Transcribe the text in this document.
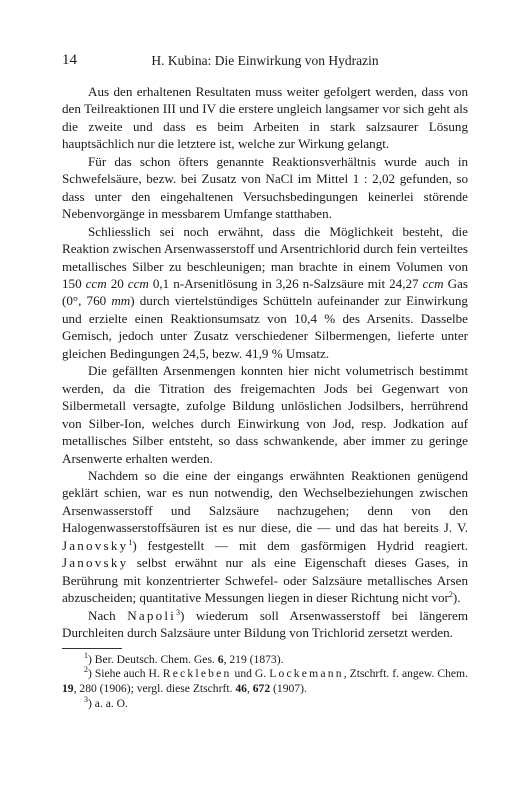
14	H. Kubina: Die Einwirkung von Hydrazin

Aus den erhaltenen Resultaten muss weiter gefolgert werden, dass von den Teilreaktionen III und IV die erstere ungleich langsamer vor sich geht als die zweite und dass es beim Arbeiten in stark salzsaurer Lösung hauptsächlich nur die letztere ist, welche zur Wirkung gelangt.

Für das schon öfters genannte Reaktionsverhältnis wurde auch in Schwefelsäure, bezw. bei Zusatz von NaCl im Mittel 1 : 2,02 gefunden, so dass unter den eingehaltenen Versuchsbedingungen keinerlei störende Nebenvorgänge in messbarem Umfange statthaben.

Schliesslich sei noch erwähnt, dass die Möglichkeit besteht, die Reaktion zwischen Arsenwasserstoff und Arsentrichlorid durch fein verteiltes metallisches Silber zu beschleunigen; man brachte in einem Volumen von 150 ccm 20 ccm 0,1 n-Arsenitlösung in 3,26 n-Salzsäure mit 24,27 ccm Gas (0°, 760 mm) durch viertelstündiges Schütteln aufeinander zur Einwirkung und erzielte einen Reaktionsumsatz von 10,4 % des Arsenits. Dasselbe Gemisch, jedoch unter Zusatz verschiedener Silbermengen, lieferte unter gleichen Bedingungen 24,5, bezw. 41,9 % Umsatz.

Die gefällten Arsenmengen konnten hier nicht volumetrisch bestimmt werden, da die Titration des freigemachten Jods bei Gegenwart von Silbermetall versagte, zufolge Bildung unlöslichen Jodsilbers, herrührend von Silber-Ion, welches durch Einwirkung von Jod, resp. Jodkation auf metallisches Silber entsteht, so dass schwankende, aber immer zu geringe Arsenwerte erhalten werden.

Nachdem so die eine der eingangs erwähnten Reaktionen genügend geklärt schien, war es nun notwendig, den Wechselbeziehungen zwischen Arsenwasserstoff und Salzsäure nachzugehen; denn von den Halogenwasserstoffsäuren ist es nur diese, die — und das hat bereits J. V. Janovsky$^1$) festgestellt — mit dem gasförmigen Hydrid reagiert. Janovsky selbst erwähnt nur als eine Eigenschaft dieses Gases, in Berührung mit konzentrierter Schwefel- oder Salzsäure metallisches Arsen abzuscheiden; quantitative Messungen liegen in dieser Richtung nicht vor$^2$).

Nach Napoli$^3$) wiederum soll Arsenwasserstoff bei längerem Durchleiten durch Salzsäure unter Bildung von Trichlorid zersetzt werden.

$^1$) Ber. Deutsch. Chem. Ges. 6, 219 (1873).

$^2$) Siehe auch H. Reckleben und G. Lockemann, Ztschrft. f. angew. Chem. 19, 280 (1906); vergl. diese Ztschrft. 46, 672 (1907).

$^3$) a. a. O.
